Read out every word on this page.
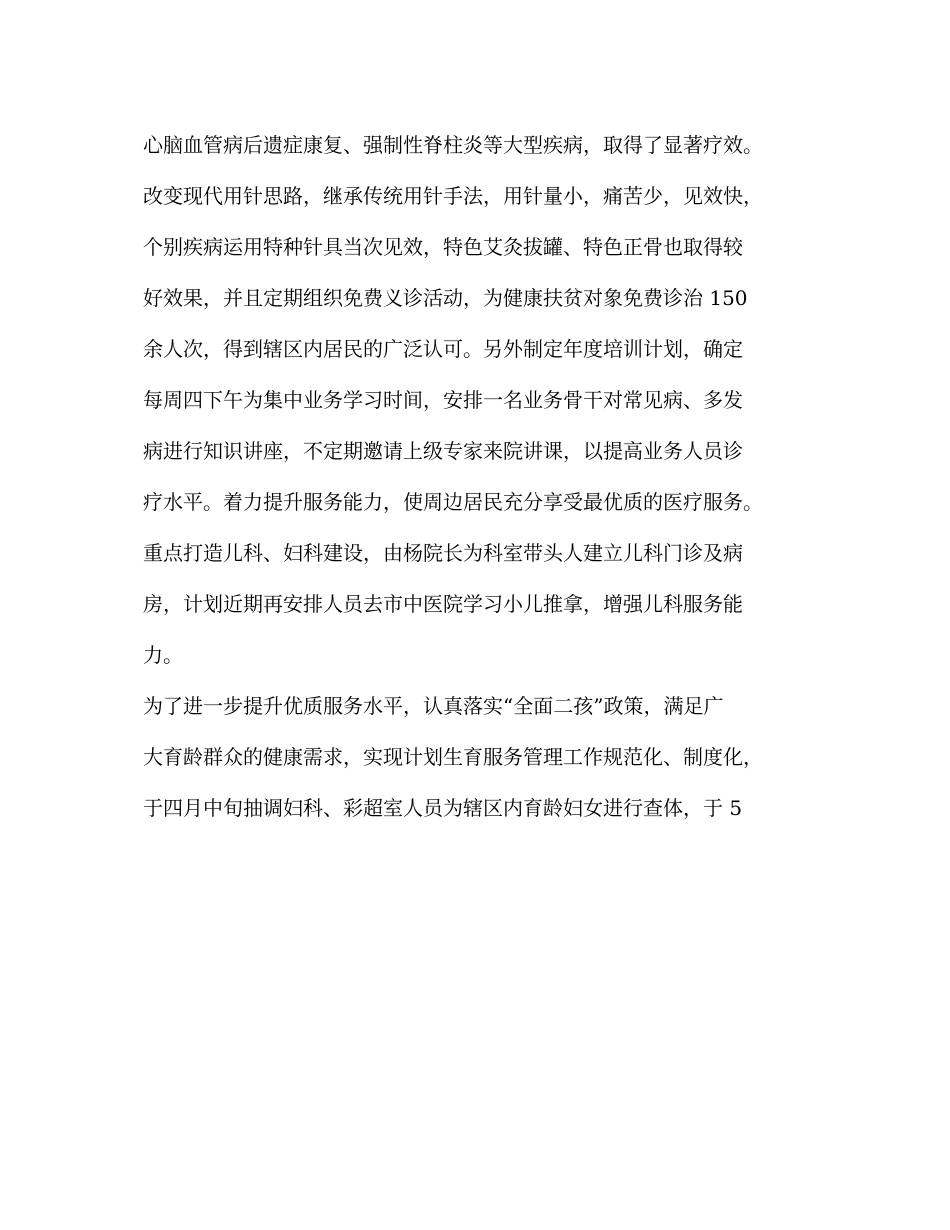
心脑血管病后遗症康复、强制性脊柱炎等大型疾病，取得了显著疗效。
改变现代用针思路，继承传统用针手法，用针量小，痛苦少，见效快，
个别疾病运用特种针具当次见效，特色艾灸拔罐、特色正骨也取得较
好效果，并且定期组织免费义诊活动，为健康扶贫对象免费诊治 150
余人次，得到辖区内居民的广泛认可。另外制定年度培训计划，确定
每周四下午为集中业务学习时间，安排一名业务骨干对常见病、多发
病进行知识讲座，不定期邀请上级专家来院讲课，以提高业务人员诊
疗水平。着力提升服务能力，使周边居民充分享受最优质的医疗服务。
重点打造儿科、妇科建设，由杨院长为科室带头人建立儿科门诊及病
房，计划近期再安排人员去市中医院学习小儿推拿，增强儿科服务能
力。
为了进一步提升优质服务水平，认真落实“全面二孩”政策，满足广
大育龄群众的健康需求，实现计划生育服务管理工作规范化、制度化，
于四月中旬抽调妇科、彩超室人员为辖区内育龄妇女进行查体，于 5
